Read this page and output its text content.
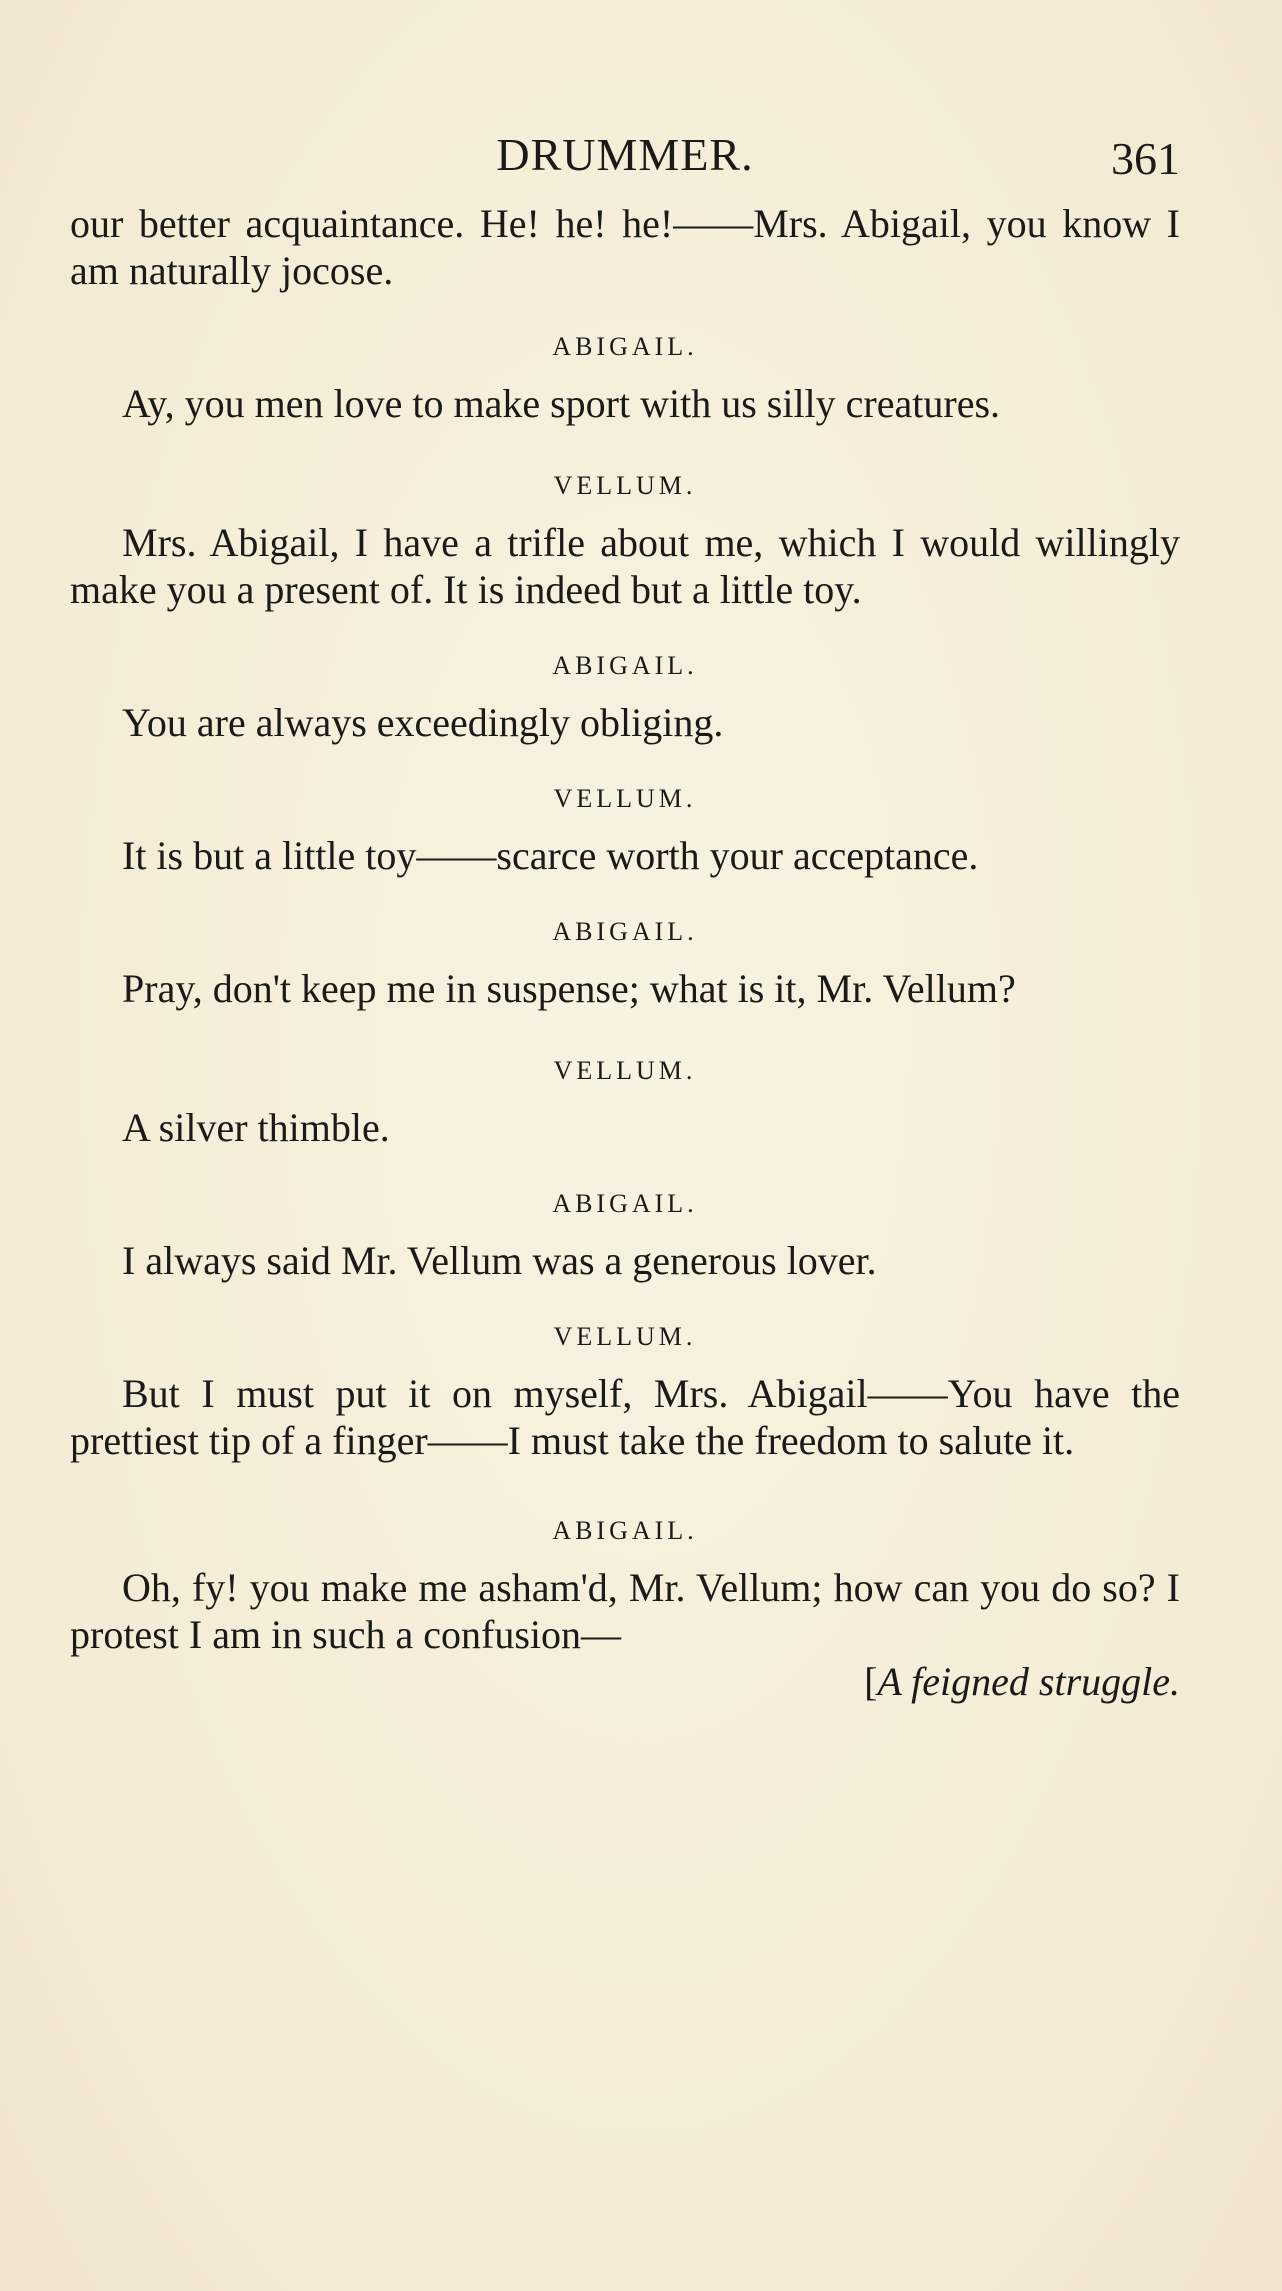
DRUMMER.	361

our better acquaintance. He! he! he!——Mrs. Abigail, you know I am naturally jocose.

ABIGAIL.

Ay, you men love to make sport with us silly creatures.

VELLUM.

Mrs. Abigail, I have a trifle about me, which I would willingly make you a present of. It is indeed but a little toy.

ABIGAIL.

You are always exceedingly obliging.

VELLUM.

It is but a little toy——scarce worth your acceptance.

ABIGAIL.

Pray, don't keep me in suspense; what is it, Mr. Vellum?

VELLUM.

A silver thimble.

ABIGAIL.

I always said Mr. Vellum was a generous lover.

VELLUM.

But I must put it on myself, Mrs. Abigail——You have the prettiest tip of a finger——I must take the freedom to salute it.

ABIGAIL.

Oh, fy! you make me asham'd, Mr. Vellum; how can you do so? I protest I am in such a confusion—

[A feigned struggle.
